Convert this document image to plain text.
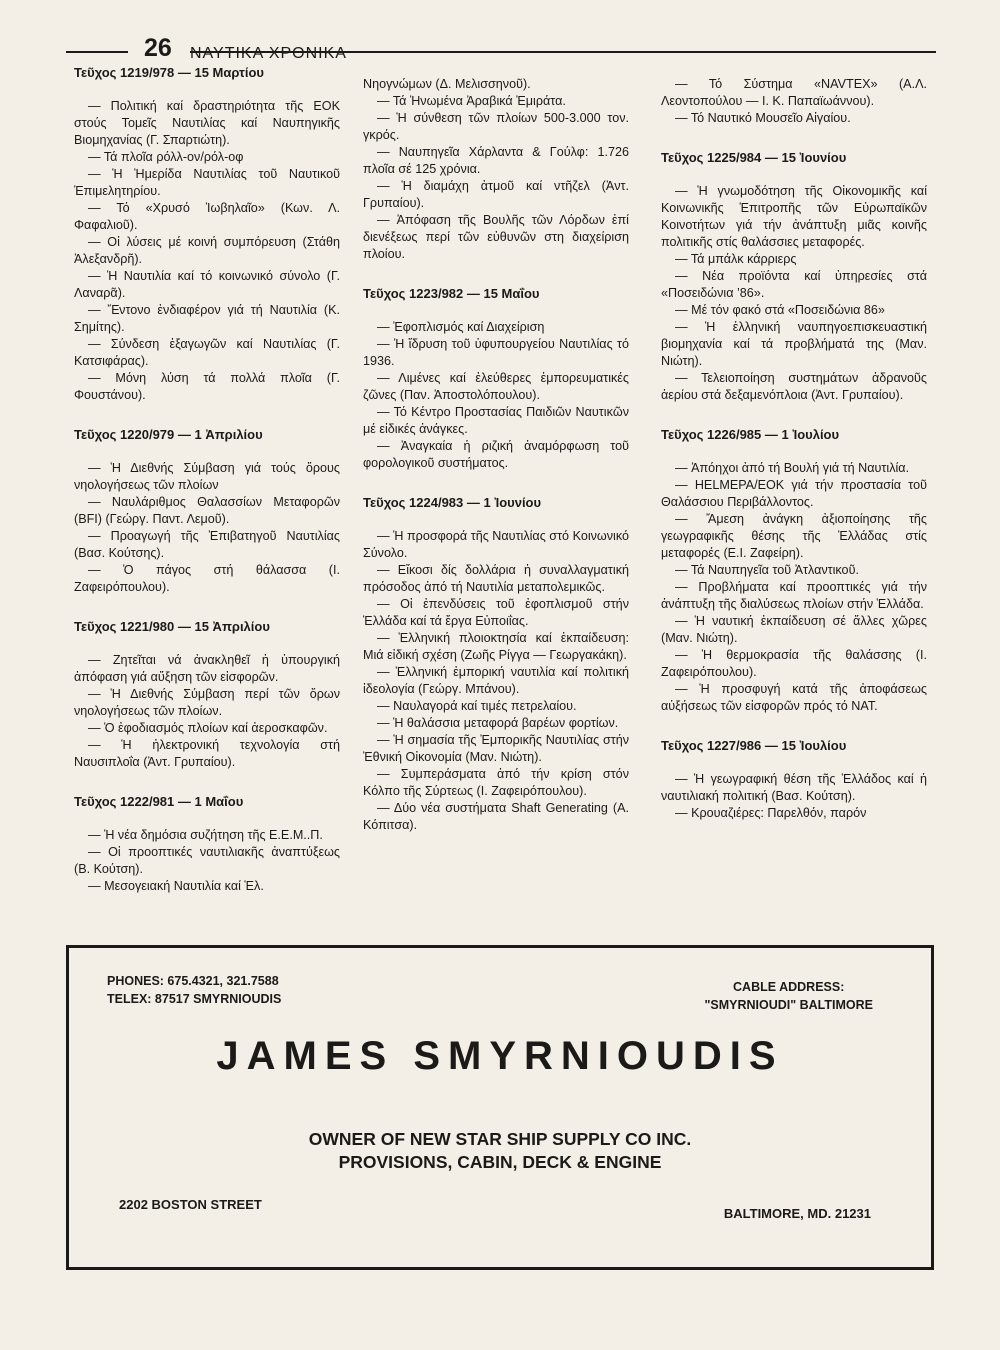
26 ΝΑΥΤΙΚΑ ΧΡΟΝΙΚΑ
Τεῦχος 1219/978 — 15 Μαρτίου

— Πολιτική καί δραστηριότητα τῆς ΕΟΚ στούς Τομεῖς Ναυτιλίας καί Ναυπηγικῆς Βιομηχανίας (Γ. Σπαρτιώτη).

— Τά πλοῖα ρόλλ-ον/ρόλ-οφ

— Ἡ Ἡμερίδα Ναυτιλίας τοῦ Ναυτικοῦ Ἐπιμελητηρίου.

— Τό «Χρυσό Ἰωβηλαῖο» (Κων. Λ. Φαφαλιοῦ).

— Οἱ λύσεις μέ κοινή συμπόρευση (Στάθη Ἀλεξανδρῆ).

— Ἡ Ναυτιλία καί τό κοινωνικό σύνολο (Γ. Λαναρᾶ).

— Ἔντονο ἐνδιαφέρον γιά τή Ναυτιλία (Κ. Σημίτης).

— Σύνδεση ἐξαγωγῶν καί Ναυτιλίας (Γ. Κατσιφάρας).

— Μόνη λύση τά πολλά πλοῖα (Γ. Φουστάνου).

Τεῦχος 1220/979 — 1 Ἀπριλίου

— Ἡ Διεθνής Σύμβαση γιά τούς ὅρους νηολογήσεως τῶν πλοίων

— Ναυλάριθμος Θαλασσίων Μεταφορῶν (BFI) (Γεώργ. Παντ. Λεμοῦ).

— Προαγωγή τῆς Ἐπιβατηγοῦ Ναυτιλίας (Βασ. Κούτσης).

— Ὁ πάγος στή θάλασσα (Ι. Ζαφειρόπουλου).

Τεῦχος 1221/980 — 15 Ἀπριλίου

— Ζητεῖται νά ἀνακληθεῖ ἡ ὑπουργική ἀπόφαση γιά αὔξηση τῶν εἰσφορῶν.

— Ἡ Διεθνής Σύμβαση περί τῶν ὅρων νηολογήσεως τῶν πλοίων.

— Ὁ ἐφοδιασμός πλοίων καί ἀεροσκαφῶν.

— Ἡ ἠλεκτρονική τεχνολογία στή Ναυσιπλοΐα (Ἀντ. Γρυπαίου).

Τεῦχος 1222/981 — 1 Μαΐου

— Ἡ νέα δημόσια συζήτηση τῆς Ε.Ε.Μ..Π.

— Οἱ προοπτικές ναυτιλιακῆς ἀναπτύξεως (Β. Κούτση).

— Μεσογειακή Ναυτιλία καί Ἑλ.

Νηογνώμων (Δ. Μελισσηνοῦ).

— Τά Ἡνωμένα Ἀραβικά Ἐμιράτα.

— Ἡ σύνθεση τῶν πλοίων 500-3.000 τον. γκρός.

— Ναυπηγεῖα Χάρλαντα & Γούλφ: 1.726 πλοῖα σέ 125 χρόνια.

— Ἡ διαμάχη ἀτμοῦ καί ντῆζελ (Ἀντ. Γρυπαίου).

— Ἀπόφαση τῆς Βουλῆς τῶν Λόρδων ἐπί διενέξεως περί τῶν εὐθυνῶν στη διαχείριση πλοίου.

Τεῦχος 1223/982 — 15 Μαΐου

— Ἐφοπλισμός καί Διαχείριση

— Ἡ ἵδρυση τοῦ ὑφυπουργείου Ναυτιλίας τό 1936.

— Λιμένες καί ἐλεύθερες ἐμπορευματικές ζῶνες (Παν. Ἀποστολόπουλου).

— Τό Κέντρο Προστασίας Παιδιῶν Ναυτικῶν μέ εἰδικές ἀνάγκες.

— Ἀναγκαία ἡ ριζική ἀναμόρφωση τοῦ φορολογικοῦ συστήματος.

Τεῦχος 1224/983 — 1 Ἰουνίου

— Ἡ προσφορά τῆς Ναυτιλίας στό Κοινωνικό Σύνολο.

— Εἴκοσι δίς δολλάρια ἡ συναλλαγματική πρόσοδος ἀπό τή Ναυτιλία μεταπολεμικῶς.

— Οἱ ἐπενδύσεις τοῦ ἐφοπλισμοῦ στήν Ἑλλάδα καί τά ἔργα Εὐποιΐας.

— Ἑλληνική πλοιοκτησία καί ἐκπαίδευση: Μιά εἰδική σχέση (Ζωῆς Ρίγγα — Γεωργακάκη).

— Ἑλληνική ἐμπορική ναυτιλία καί πολιτική ἰδεολογία (Γεώργ. Μπάνου).

— Ναυλαγορά καί τιμές πετρελαίου.

— Ἡ θαλάσσια μεταφορά βαρέων φορτίων.

— Ἡ σημασία τῆς Ἐμπορικῆς Ναυτιλίας στήν Ἐθνική Οἰκονομία (Μαν. Νιώτη).

— Συμπεράσματα ἀπό τήν κρίση στόν Κόλπο τῆς Σύρτεως (Ι. Ζαφειρόπουλου).

— Δύο νέα συστήματα Shaft Generating (Α. Κόπιτσα).

— Τό Σύστημα «NAVTEX» (Α.Λ. Λεοντοπούλου — Ι. Κ. Παπαϊωάννου).

— Τό Ναυτικό Μουσεῖο Αἰγαίου.

Τεῦχος 1225/984 — 15 Ἰουνίου

— Ἡ γνωμοδότηση τῆς Οἰκονομικῆς καί Κοινωνικῆς Ἐπιτροπῆς τῶν Εὐρωπαϊκῶν Κοινοτήτων γιά τήν ἀνάπτυξη μιᾶς κοινῆς πολιτικῆς στίς θαλάσσιες μεταφορές.

— Τά μπάλκ κάρριερς

— Νέα προϊόντα καί ὑπηρεσίες στά «Ποσειδώνια ’86».

— Μέ τόν φακό στά «Ποσειδώνια 86»

— Ἡ ἑλληνική ναυπηγοεπισκευαστική βιομηχανία καί τά προβλήματά της (Μαν. Νιώτη).

— Τελειοποίηση συστημάτων ἀδρανοῦς ἀερίου στά δεξαμενόπλοια (Ἀντ. Γρυπαίου).

Τεῦχος 1226/985 — 1 Ἰουλίου

— Ἀπόηχοι ἀπό τή Βουλή γιά τή Ναυτιλία.

— HELMEPA/ΕΟΚ γιά τήν προστασία τοῦ Θαλάσσιου Περιβάλλοντος.

— Ἄμεση ἀνάγκη ἀξιοποίησης τῆς γεωγραφικῆς θέσης τῆς Ἑλλάδας στίς μεταφορές (Ε.Ι. Ζαφείρη).

— Τά Ναυπηγεῖα τοῦ Ἀτλαντικοῦ.

— Προβλήματα καί προοπτικές γιά τήν ἀνάπτυξη τῆς διαλύσεως πλοίων στήν Ἑλλάδα.

— Ἡ ναυτική ἐκπαίδευση σέ ἄλλες χῶρες (Μαν. Νιώτη).

— Ἡ θερμοκρασία τῆς θαλάσσης (Ι. Ζαφειρόπουλου).

— Ἡ προσφυγή κατά τῆς ἀποφάσεως αὐξήσεως τῶν εἰσφορῶν πρός τό ΝΑΤ.

Τεῦχος 1227/986 — 15 Ἰουλίου

— Ἡ γεωγραφική θέση τῆς Ἑλλάδος καί ἡ ναυτιλιακή πολιτική (Βασ. Κούτση).

— Κρουαζιέρες: Παρελθόν, παρόν

PHONES: 675.4321, 321.7588
TELEX: 87517 SMYRNIOUDIS
CABLE ADDRESS:
"SMYRNIOUDI" BALTIMORE
JAMES SMYRNIOUDIS
OWNER OF NEW STAR SHIP SUPPLY CO INC.
PROVISIONS, CABIN, DECK & ENGINE
2202 BOSTON STREET
BALTIMORE, MD. 21231
